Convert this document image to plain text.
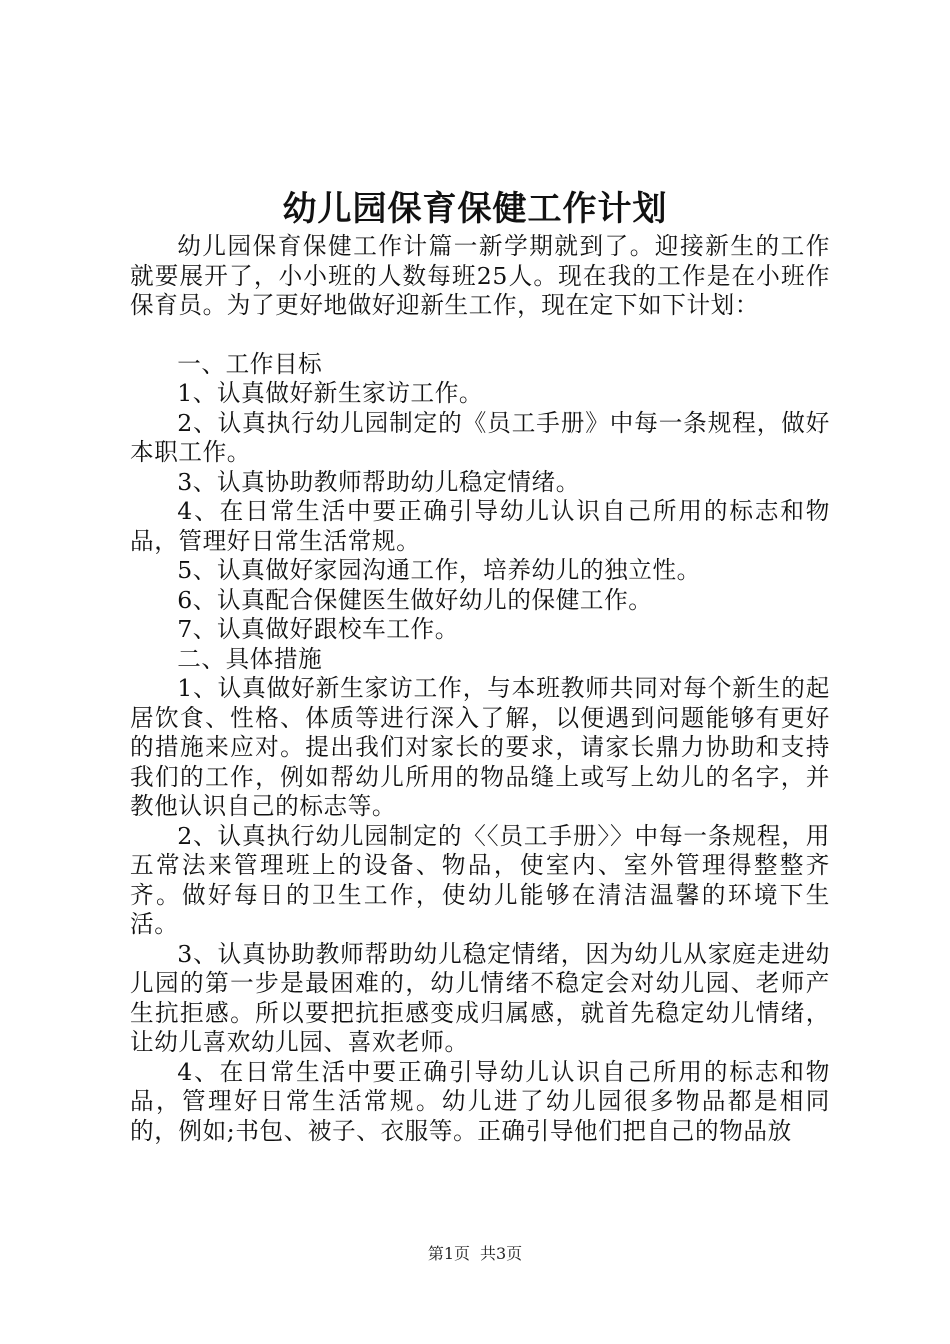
幼儿园保育保健工作计划

幼儿园保育保健工作计篇一新学期就到了。迎接新生的工作就要展开了，小小班的人数每班25人。现在我的工作是在小班作保育员。为了更好地做好迎新生工作，现在定下如下计划：

一、工作目标

1、认真做好新生家访工作。

2、认真执行幼儿园制定的《员工手册》中每一条规程，做好本职工作。

3、认真协助教师帮助幼儿稳定情绪。

4、在日常生活中要正确引导幼儿认识自己所用的标志和物品，管理好日常生活常规。

5、认真做好家园沟通工作，培养幼儿的独立性。

6、认真配合保健医生做好幼儿的保健工作。

7、认真做好跟校车工作。

二、具体措施

1、认真做好新生家访工作，与本班教师共同对每个新生的起居饮食、性格、体质等进行深入了解，以便遇到问题能够有更好的措施来应对。提出我们对家长的要求，请家长鼎力协助和支持我们的工作，例如帮幼儿所用的物品缝上或写上幼儿的名字，并教他认识自己的标志等。

2、认真执行幼儿园制定的〈〈员工手册〉〉中每一条规程，用五常法来管理班上的设备、物品，使室内、室外管理得整整齐齐。做好每日的卫生工作，使幼儿能够在清洁温馨的环境下生活。

3、认真协助教师帮助幼儿稳定情绪，因为幼儿从家庭走进幼儿园的第一步是最困难的，幼儿情绪不稳定会对幼儿园、老师产生抗拒感。所以要把抗拒感变成归属感，就首先稳定幼儿情绪，让幼儿喜欢幼儿园、喜欢老师。

4、在日常生活中要正确引导幼儿认识自己所用的标志和物品，管理好日常生活常规。幼儿进了幼儿园很多物品都是相同的，例如;书包、被子、衣服等。正确引导他们把自己的物品放

第1页 共3页
